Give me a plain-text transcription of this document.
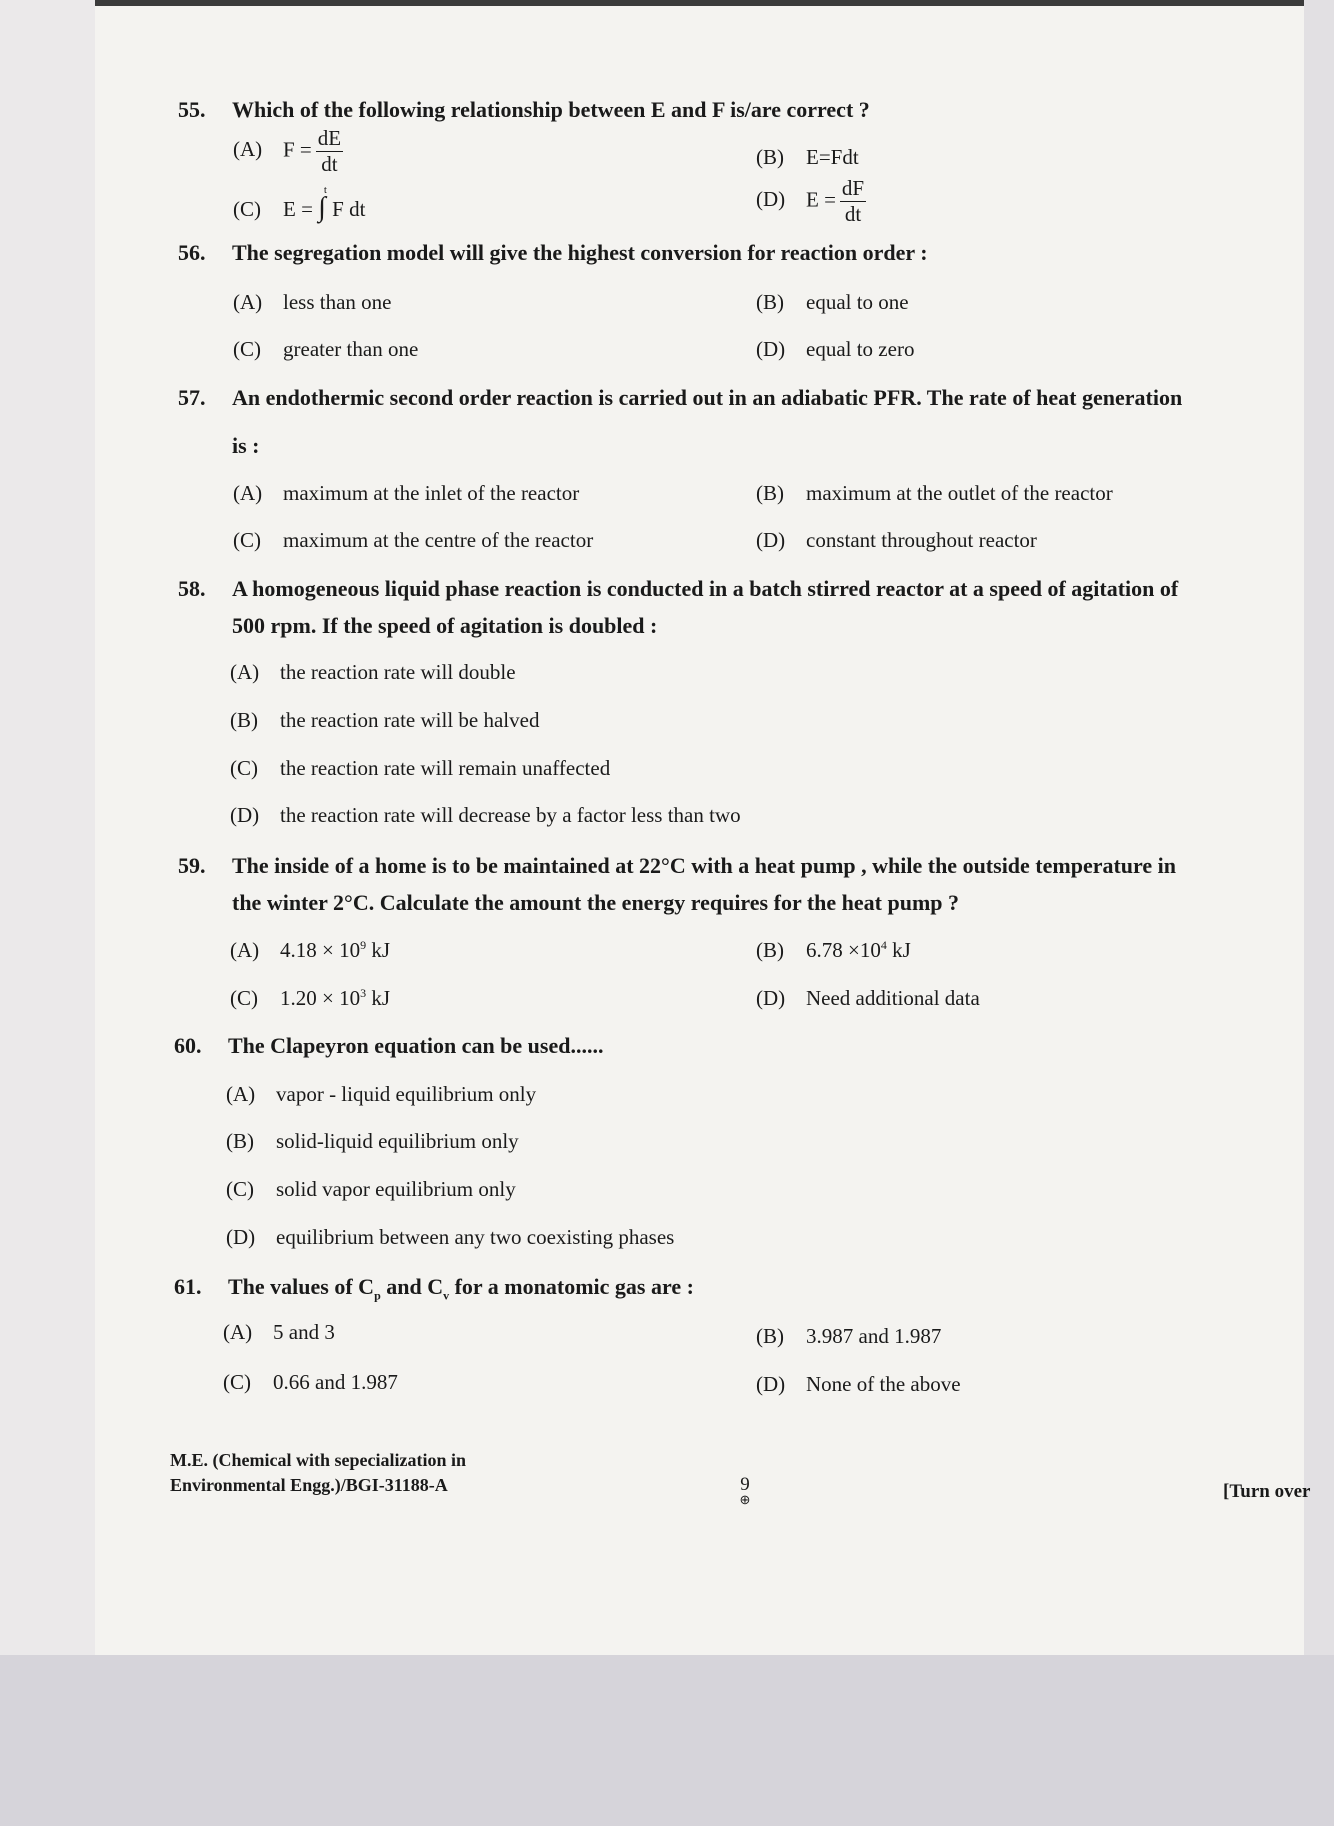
55. Which of the following relationship between E and F is/are correct ?
(A) $F = \frac{dE}{dt}$	(B) E=Fdt
(C) E = ∫$^t$ F dt	(D) $E = \frac{dF}{dt}$
56. The segregation model will give the highest conversion for reaction order :
(A) less than one	(B) equal to one
(C) greater than one	(D) equal to zero
57. An endothermic second order reaction is carried out in an adiabatic PFR. The rate of heat generation
is :
(A) maximum at the inlet of the reactor	(B) maximum at the outlet of the reactor
(C) maximum at the centre of the reactor	(D) constant throughout reactor
58. A homogeneous liquid phase reaction is conducted in a batch stirred reactor at a speed of agitation of
500 rpm. If the speed of agitation is doubled :
(A) the reaction rate will double
(B) the reaction rate will be halved
(C) the reaction rate will remain unaffected
(D) the reaction rate will decrease by a factor less than two
59. The inside of a home is to be maintained at 22°C with a heat pump , while the outside temperature in
the winter 2°C. Calculate the amount the energy requires for the heat pump ?
(A) $4.18 \times 10^9$ kJ	(B) $6.78 \times 10^4$ kJ
(C) $1.20 \times 10^3$ kJ	(D) Need additional data
60. The Clapeyron equation can be used......
(A) vapor - liquid equilibrium only
(B) solid-liquid equilibrium only
(C) solid vapor equilibrium only
(D) equilibrium between any two coexisting phases
61. The values of $C_p$ and $C_v$ for a monatomic gas are :
(A) 5 and 3	(B) 3.987 and 1.987
(C) 0.66 and 1.987	(D) None of the above
M.E. (Chemical with sepecialization in
Environmental Engg.)/BGI-31188-A	9
⊕	[Turn over
